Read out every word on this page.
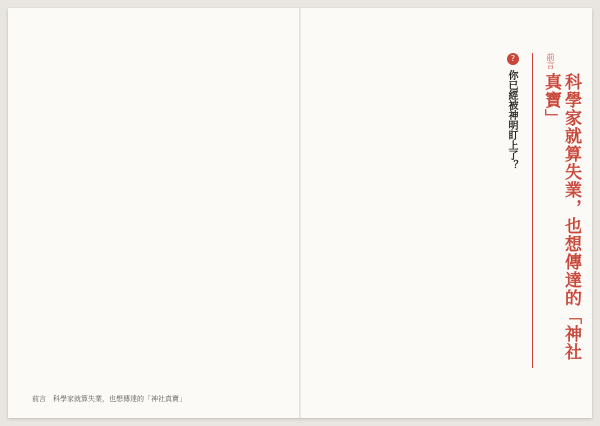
前言
科學家就算失業，也想傳達的「神社真寶」
?
你已經被神明盯上了？
前言　科學家就算失業，也想傳達的「神社真寶」
